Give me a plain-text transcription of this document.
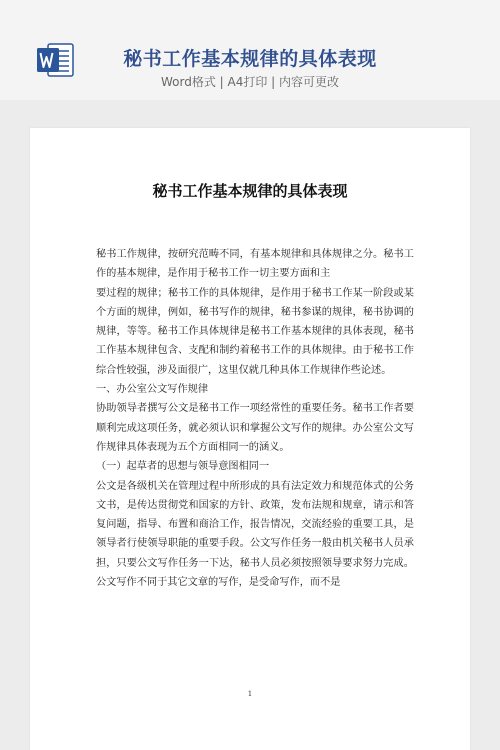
秘书工作基本规律的具体表现
Word格式 | A4打印 | 内容可更改
秘书工作基本规律的具体表现

秘书工作规律，按研究范畴不同，有基本规律和具体规律之分。秘书工作的基本规律，是作用于秘书工作一切主要方面和主

要过程的规律；秘书工作的具体规律，是作用于秘书工作某一阶段或某个方面的规律，例如，秘书写作的规律，秘书参谋的规律，秘书协调的规律，等等。秘书工作具体规律是秘书工作基本规律的具体表现，秘书工作基本规律包含、支配和制约着秘书工作的具体规律。由于秘书工作综合性较强，涉及面很广，这里仅就几种具体工作规律作些论述。

一、办公室公文写作规律

协助领导者撰写公文是秘书工作一项经常性的重要任务。秘书工作者要顺利完成这项任务，就必须认识和掌握公文写作的规律。办公室公文写作规律具体表现为五个方面相同一的涵义。

（一）起草者的思想与领导意图相同一

公文是各级机关在管理过程中所形成的具有法定效力和规范体式的公务文书，是传达贯彻党和国家的方针、政策，发布法规和规章，请示和答复问题，指导、布置和商洽工作，报告情况，交流经验的重要工具，是领导者行使领导职能的重要手段。公文写作任务一般由机关秘书人员承担，只要公文写作任务一下达，秘书人员必须按照领导要求努力完成。公文写作不同于其它文章的写作，是受命写作，而不是

1
